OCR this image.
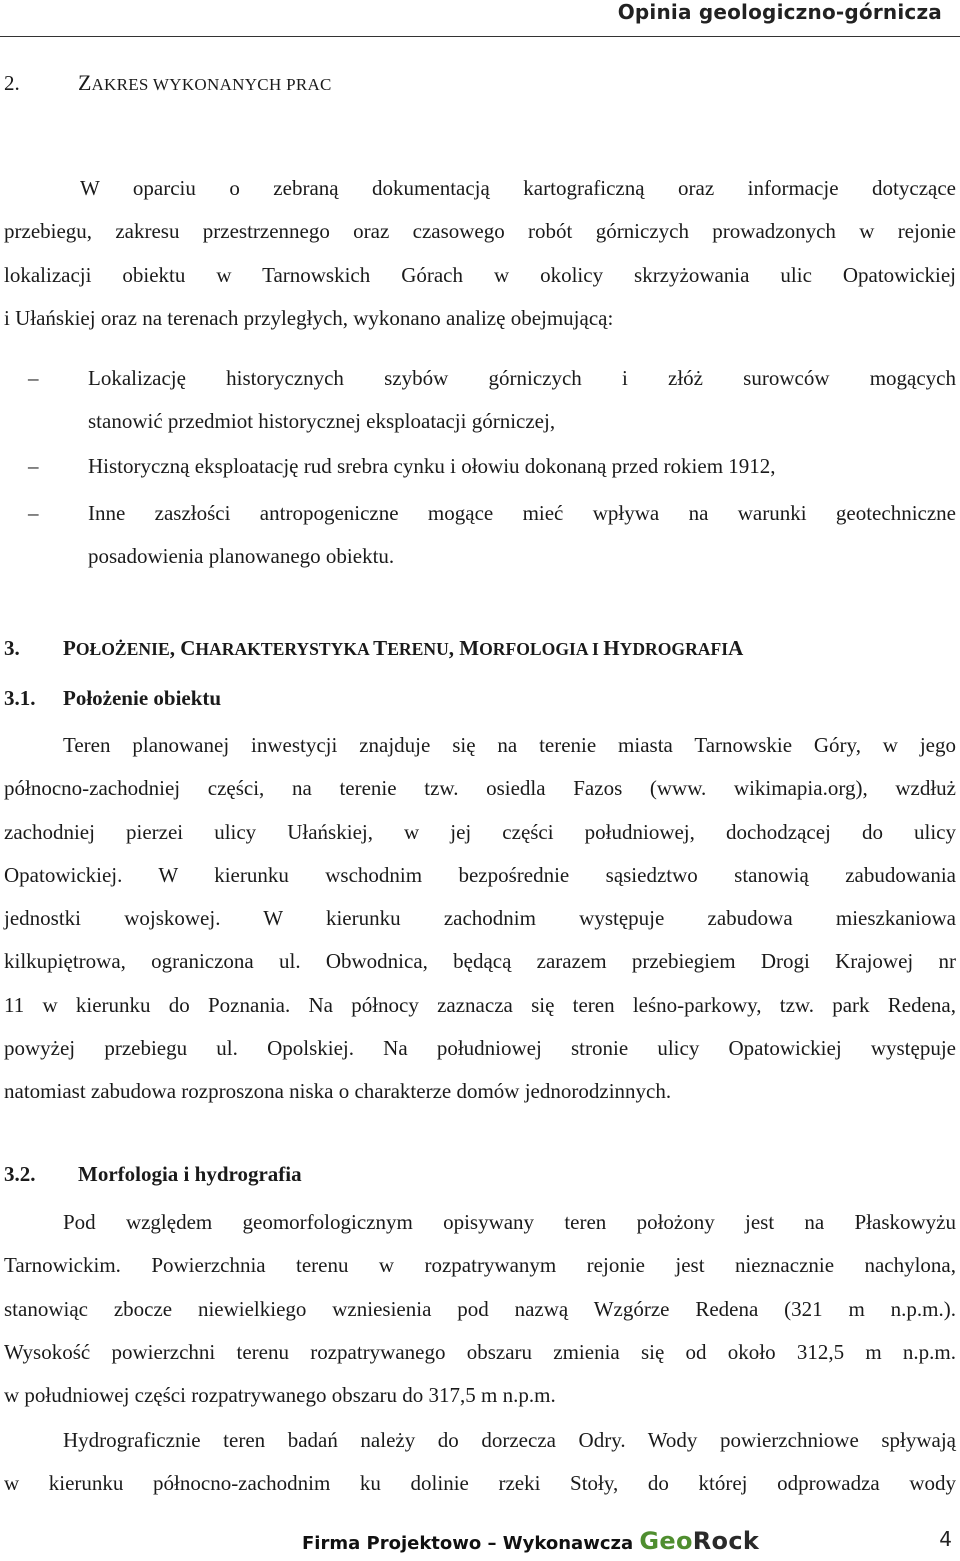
Opinia geologiczno-górnicza
2.	ZAKRES WYKONANYCH PRAC
W oparciu o zebraną dokumentacją kartograficzną oraz informacje dotyczące
przebiegu, zakresu przestrzennego oraz czasowego robót górniczych prowadzonych w rejonie
lokalizacji obiektu w Tarnowskich Górach w okolicy skrzyżowania ulic Opatowickiej
i Ułańskiej oraz na terenach przyległych, wykonano analizę obejmującą:
– Lokalizację historycznych szybów górniczych i złóż surowców mogących
stanowić przedmiot historycznej eksploatacji górniczej,
– Historyczną eksploatację rud srebra cynku i ołowiu dokonaną przed rokiem 1912,
– Inne zaszłości antropogeniczne mogące mieć wpływa na warunki geotechniczne
posadowienia planowanego obiektu.
3. POŁOŻENIE, CHARAKTERYSTYKA TERENU, MORFOLOGIA I HYDROGRAFIA
3.1. Położenie obiektu
Teren planowanej inwestycji znajduje się na terenie miasta Tarnowskie Góry, w jego
północno-zachodniej części, na terenie tzw. osiedla Fazos (www. wikimapia.org), wzdłuż
zachodniej pierzei ulicy Ułańskiej, w jej części południowej, dochodzącej do ulicy
Opatowickiej. W kierunku wschodnim bezpośrednie sąsiedztwo stanowią zabudowania
jednostki wojskowej. W kierunku zachodnim występuje zabudowa mieszkaniowa
kilkupiętrowa, ograniczona ul. Obwodnica, będącą zarazem przebiegiem Drogi Krajowej nr
11 w kierunku do Poznania. Na północy zaznacza się teren leśno-parkowy, tzw. park Redena,
powyżej przebiegu ul. Opolskiej. Na południowej stronie ulicy Opatowickiej występuje
natomiast zabudowa rozproszona niska o charakterze domów jednorodzinnych.
3.2. Morfologia i hydrografia
Pod względem geomorfologicznym opisywany teren położony jest na Płaskowyżu
Tarnowickim. Powierzchnia terenu w rozpatrywanym rejonie jest nieznacznie nachylona,
stanowiąc zbocze niewielkiego wzniesienia pod nazwą Wzgórze Redena (321 m n.p.m.).
Wysokość powierzchni terenu rozpatrywanego obszaru zmienia się od około 312,5 m n.p.m.
w południowej części rozpatrywanego obszaru do 317,5 m n.p.m.
Hydrograficznie teren badań należy do dorzecza Odry. Wody powierzchniowe spływają
w kierunku północno-zachodnim ku dolinie rzeki Stoły, do której odprowadza wody
Firma Projektowo – Wykonawcza GeoRock	4
